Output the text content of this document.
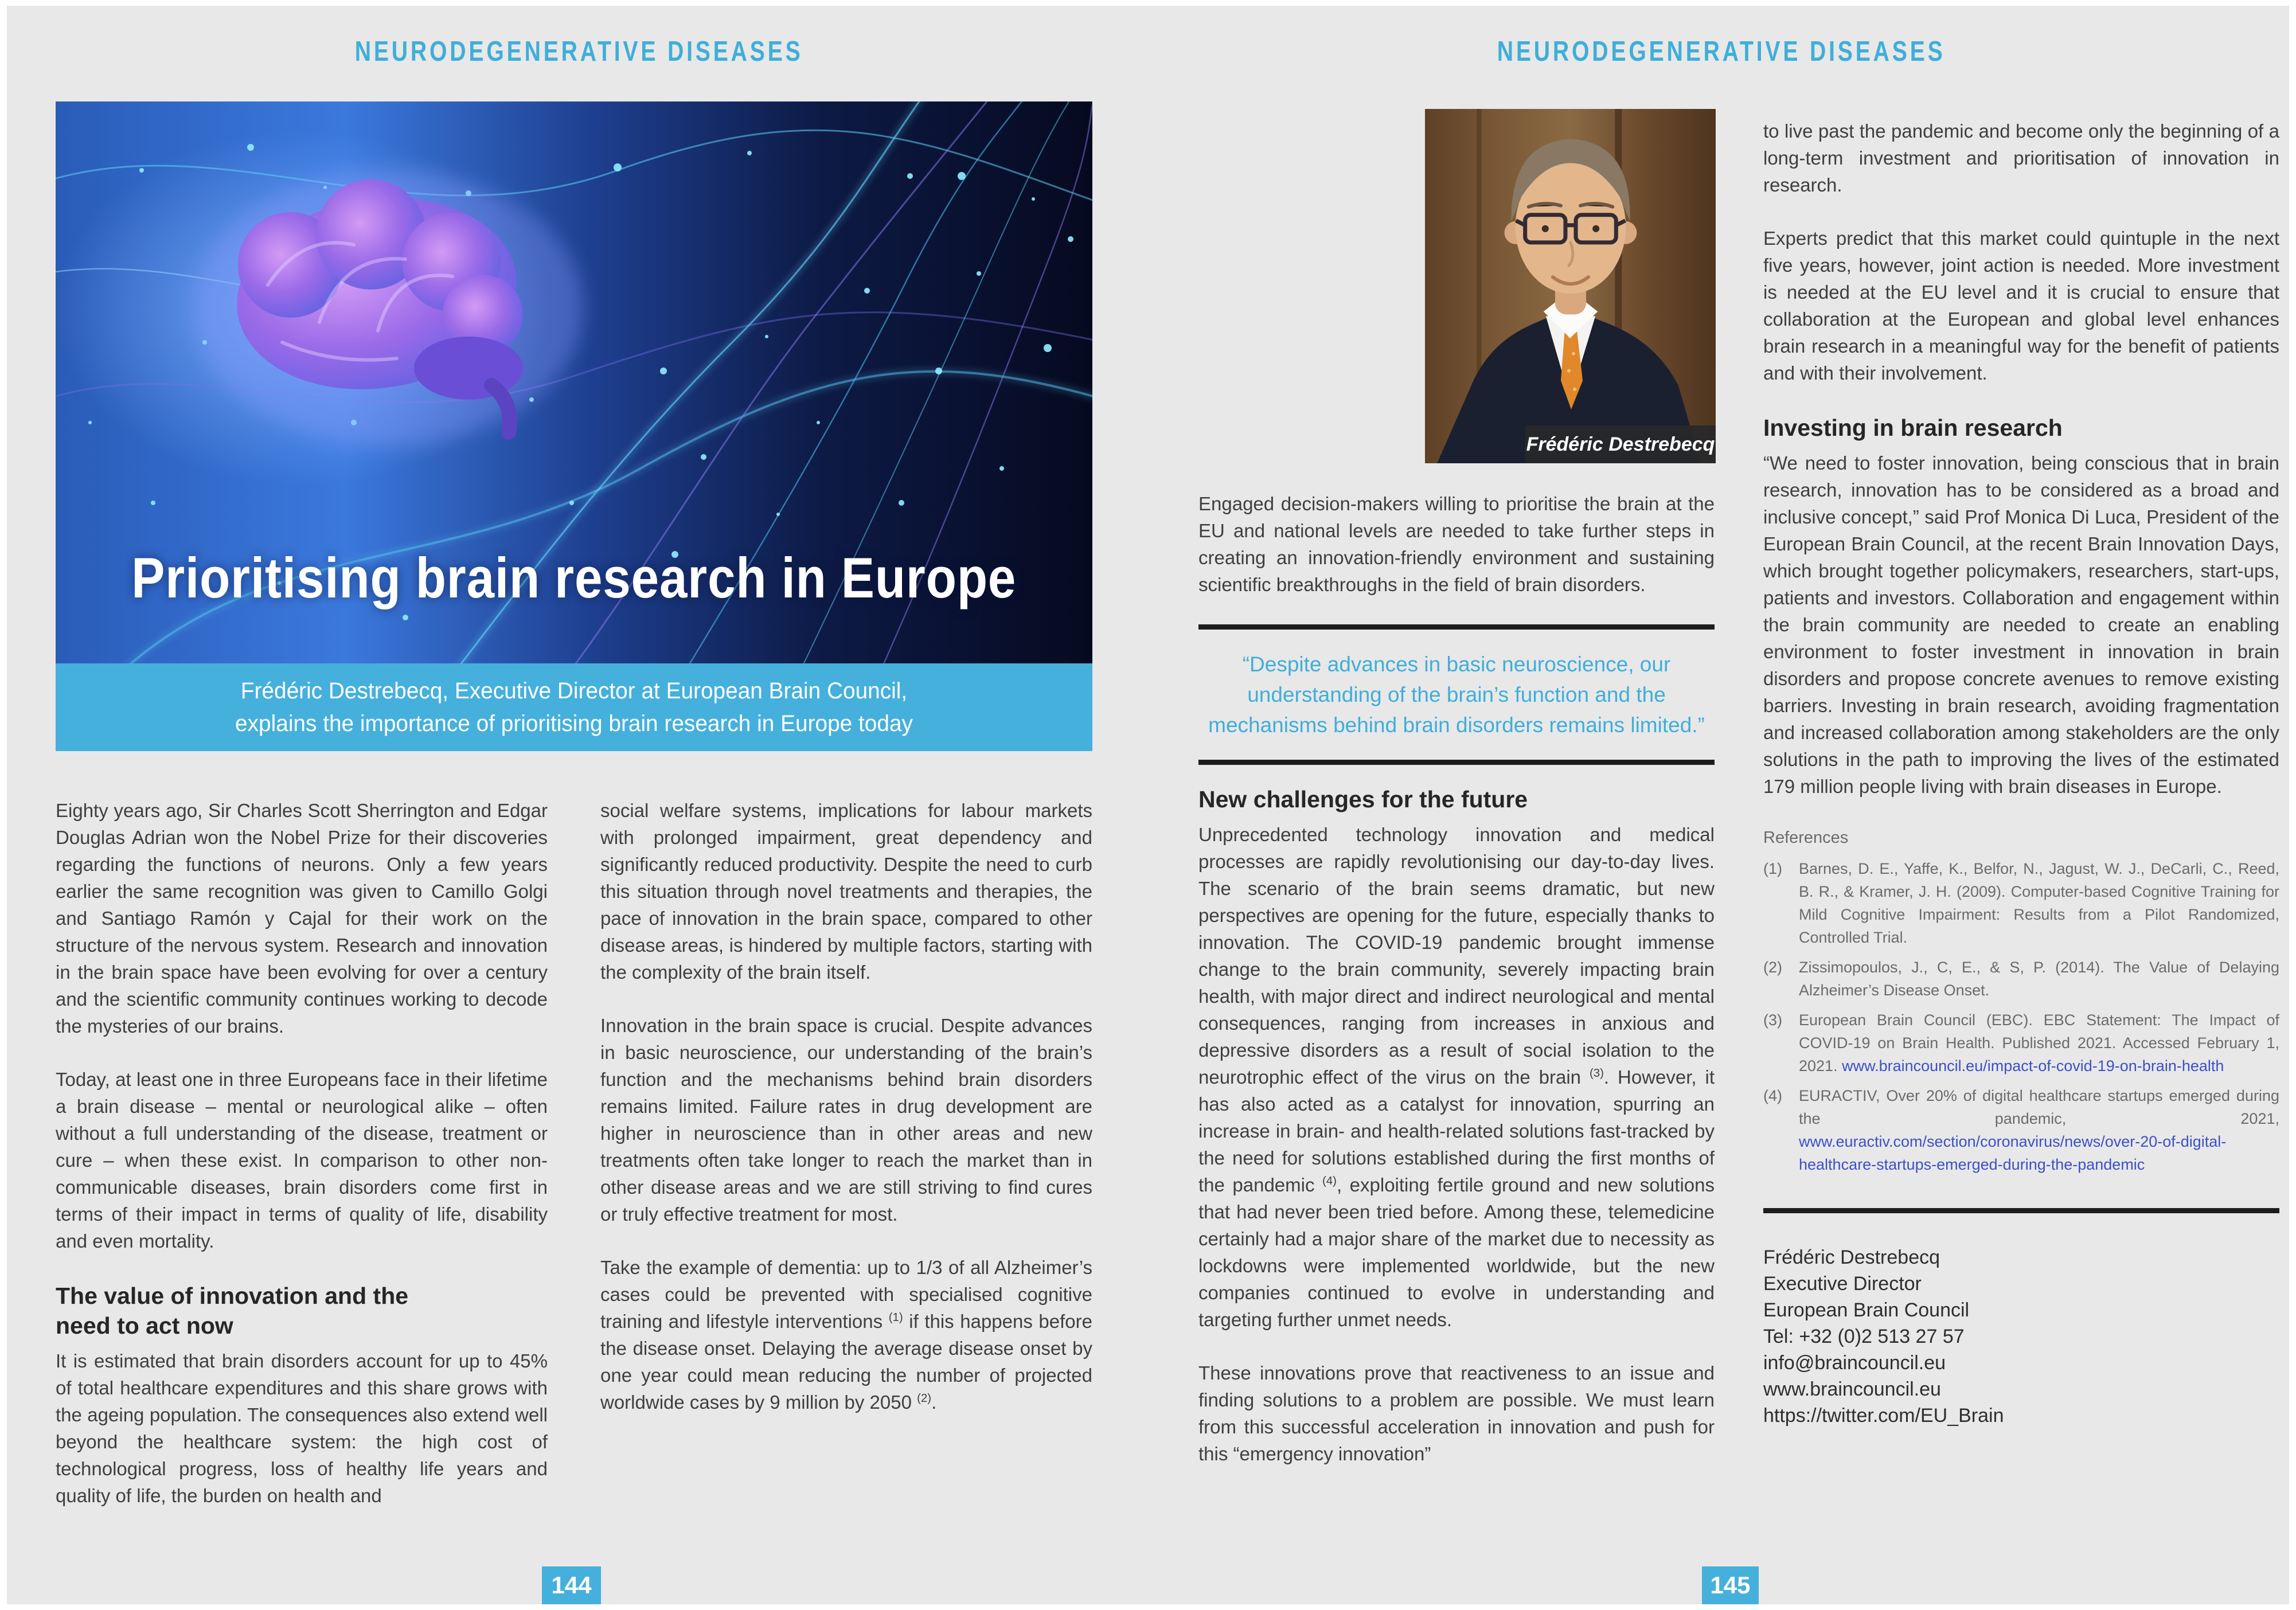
NEURODEGENERATIVE DISEASES
Prioritising brain research in Europe
Frédéric Destrebecq, Executive Director at European Brain Council,
explains the importance of prioritising brain research in Europe today

Eighty years ago, Sir Charles Scott Sherrington and Edgar Douglas Adrian won the Nobel Prize for their discoveries regarding the functions of neurons. Only a few years earlier the same recognition was given to Camillo Golgi and Santiago Ramón y Cajal for their work on the structure of the nervous system. Research and innovation in the brain space have been evolving for over a century and the scientific community continues working to decode the mysteries of our brains.

Today, at least one in three Europeans face in their lifetime a brain disease – mental or neurological alike – often without a full understanding of the disease, treatment or cure – when these exist. In comparison to other non-communicable diseases, brain disorders come first in terms of their impact in terms of quality of life, disability and even mortality.

The value of innovation and the
need to act now

It is estimated that brain disorders account for up to 45% of total healthcare expenditures and this share grows with the ageing population. The consequences also extend well beyond the healthcare system: the high cost of technological progress, loss of healthy life years and quality of life, the burden on health and

social welfare systems, implications for labour markets with prolonged impairment, great dependency and significantly reduced productivity. Despite the need to curb this situation through novel treatments and therapies, the pace of innovation in the brain space, compared to other disease areas, is hindered by multiple factors, starting with the complexity of the brain itself.

Innovation in the brain space is crucial. Despite advances in basic neuroscience, our understanding of the brain’s function and the mechanisms behind brain disorders remains limited. Failure rates in drug development are higher in neuroscience than in other areas and new treatments often take longer to reach the market than in other disease areas and we are still striving to find cures or truly effective treatment for most.

Take the example of dementia: up to 1/3 of all Alzheimer’s cases could be prevented with specialised cognitive training and lifestyle interventions $^{(1)}$ if this happens before the disease onset. Delaying the average disease onset by one year could mean reducing the number of projected worldwide cases by 9 million by 2050 $^{(2)}$.

144
NEURODEGENERATIVE DISEASES
Frédéric Destrebecq

Engaged decision-makers willing to prioritise the brain at the EU and national levels are needed to take further steps in creating an innovation-friendly environment and sustaining scientific breakthroughs in the field of brain disorders.

“Despite advances in basic neuroscience, our understanding of the brain’s function and the mechanisms behind brain disorders remains limited.”
New challenges for the future

Unprecedented technology innovation and medical processes are rapidly revolutionising our day-to-day lives. The scenario of the brain seems dramatic, but new perspectives are opening for the future, especially thanks to innovation. The COVID-19 pandemic brought immense change to the brain community, severely impacting brain health, with major direct and indirect neurological and mental consequences, ranging from increases in anxious and depressive disorders as a result of social isolation to the neurotrophic effect of the virus on the brain $^{(3)}$. However, it has also acted as a catalyst for innovation, spurring an increase in brain- and health-related solutions fast-tracked by the need for solutions established during the first months of the pandemic $^{(4)}$, exploiting fertile ground and new solutions that had never been tried before. Among these, telemedicine certainly had a major share of the market due to necessity as lockdowns were implemented worldwide, but the new companies continued to evolve in understanding and targeting further unmet needs.

These innovations prove that reactiveness to an issue and finding solutions to a problem are possible. We must learn from this successful acceleration in innovation and push for this “emergency innovation”

to live past the pandemic and become only the beginning of a long-term investment and prioritisation of innovation in research.

Experts predict that this market could quintuple in the next five years, however, joint action is needed. More investment is needed at the EU level and it is crucial to ensure that collaboration at the European and global level enhances brain research in a meaningful way for the benefit of patients and with their involvement.

Investing in brain research

“We need to foster innovation, being conscious that in brain research, innovation has to be considered as a broad and inclusive concept,” said Prof Monica Di Luca, President of the European Brain Council, at the recent Brain Innovation Days, which brought together policymakers, researchers, start-ups, patients and investors. Collaboration and engagement within the brain community are needed to create an enabling environment to foster investment in innovation in brain disorders and propose concrete avenues to remove existing barriers. Investing in brain research, avoiding fragmentation and increased collaboration among stakeholders are the only solutions in the path to improving the lives of the estimated 179 million people living with brain diseases in Europe.

References
(1)	Barnes, D. E., Yaffe, K., Belfor, N., Jagust, W. J., DeCarli, C., Reed, B. R., & Kramer, J. H. (2009). Computer-based Cognitive Training for Mild Cognitive Impairment: Results from a Pilot Randomized, Controlled Trial.
(2)	Zissimopoulos, J., C, E., & S, P. (2014). The Value of Delaying Alzheimer’s Disease Onset.
(3)	European Brain Council (EBC). EBC Statement: The Impact of COVID-19 on Brain Health. Published 2021. Accessed February 1, 2021. www.braincouncil.eu/impact-of-covid-19-on-brain-health
(4)	EURACTIV, Over 20% of digital healthcare startups emerged during the pandemic, 2021, www.euractiv.com/section/coronavirus/news/over-20-of-digital-healthcare-startups-emerged-during-the-pandemic
Frédéric Destrebecq
Executive Director
European Brain Council
Tel: +32 (0)2 513 27 57
info@braincouncil.eu
www.braincouncil.eu
https://twitter.com/EU_Brain
145
